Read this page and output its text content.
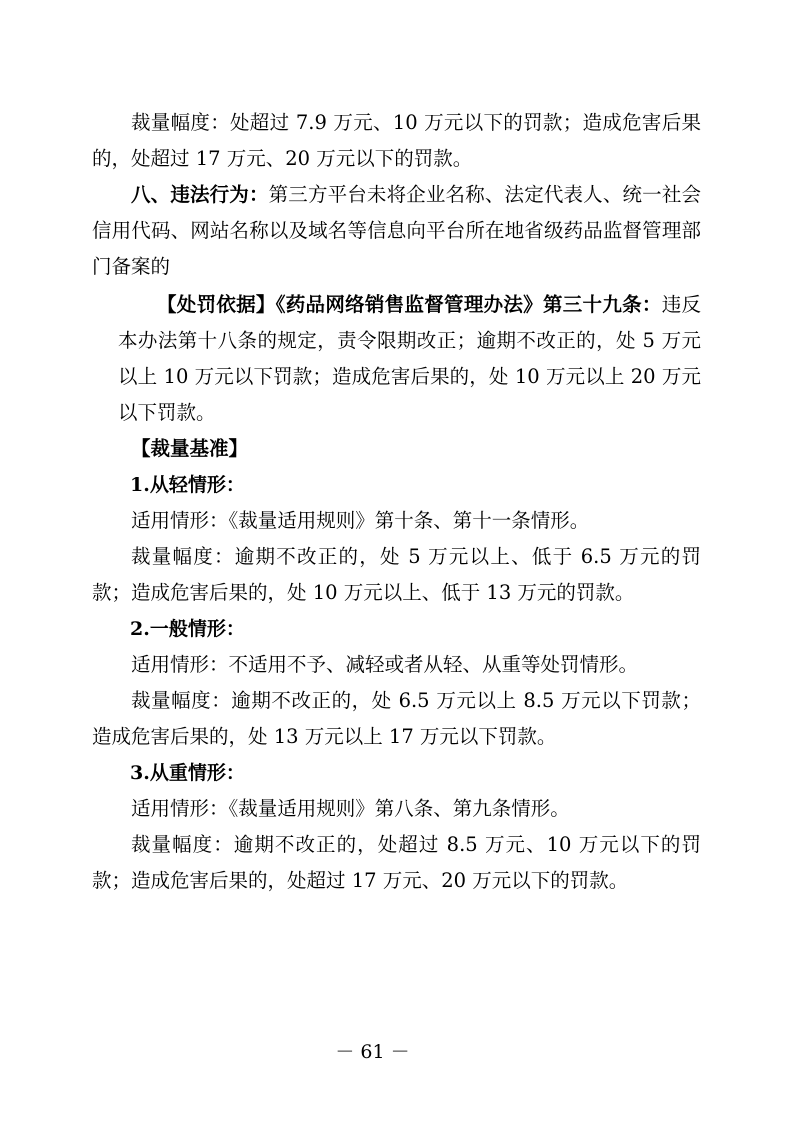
裁量幅度：处超过 7.9 万元、10 万元以下的罚款；造成危害后果的，处超过 17 万元、20 万元以下的罚款。

八、违法行为：第三方平台未将企业名称、法定代表人、统一社会信用代码、网站名称以及域名等信息向平台所在地省级药品监督管理部门备案的

【处罚依据】《药品网络销售监督管理办法》第三十九条：违反本办法第十八条的规定，责令限期改正；逾期不改正的，处 5 万元以上 10 万元以下罚款；造成危害后果的，处 10 万元以上 20 万元以下罚款。

【裁量基准】

1.从轻情形：

适用情形：《裁量适用规则》第十条、第十一条情形。

裁量幅度：逾期不改正的，处 5 万元以上、低于 6.5 万元的罚款；造成危害后果的，处 10 万元以上、低于 13 万元的罚款。

2.一般情形：

适用情形：不适用不予、减轻或者从轻、从重等处罚情形。

裁量幅度：逾期不改正的，处 6.5 万元以上 8.5 万元以下罚款；造成危害后果的，处 13 万元以上 17 万元以下罚款。

3.从重情形：

适用情形：《裁量适用规则》第八条、第九条情形。

裁量幅度：逾期不改正的，处超过 8.5 万元、10 万元以下的罚款；造成危害后果的，处超过 17 万元、20 万元以下的罚款。

－ 61 －
